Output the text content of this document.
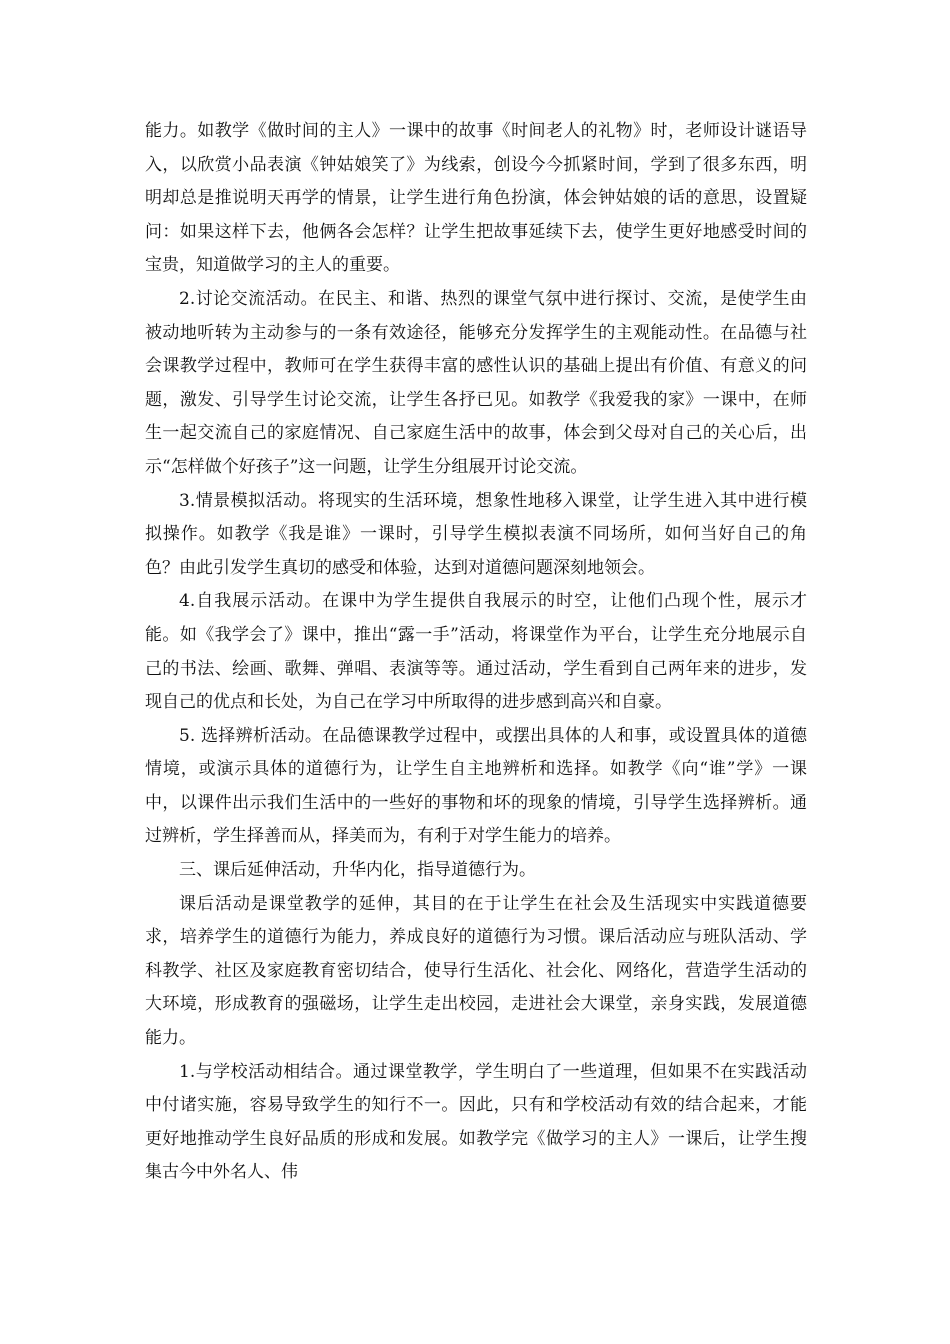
能力。如教学《做时间的主人》一课中的故事《时间老人的礼物》时，老师设计谜语导入，以欣赏小品表演《钟姑娘笑了》为线索，创设今今抓紧时间，学到了很多东西，明明却总是推说明天再学的情景，让学生进行角色扮演，体会钟姑娘的话的意思，设置疑问：如果这样下去，他俩各会怎样？让学生把故事延续下去，使学生更好地感受时间的宝贵，知道做学习的主人的重要。

2.讨论交流活动。在民主、和谐、热烈的课堂气氛中进行探讨、交流，是使学生由被动地听转为主动参与的一条有效途径，能够充分发挥学生的主观能动性。在品德与社会课教学过程中，教师可在学生获得丰富的感性认识的基础上提出有价值、有意义的问题，激发、引导学生讨论交流，让学生各抒已见。如教学《我爱我的家》一课中，在师生一起交流自己的家庭情况、自己家庭生活中的故事，体会到父母对自己的关心后，出示“怎样做个好孩子”这一问题，让学生分组展开讨论交流。

3.情景模拟活动。将现实的生活环境，想象性地移入课堂，让学生进入其中进行模拟操作。如教学《我是谁》一课时，引导学生模拟表演不同场所，如何当好自己的角色？由此引发学生真切的感受和体验，达到对道德问题深刻地领会。

4.自我展示活动。在课中为学生提供自我展示的时空，让他们凸现个性，展示才能。如《我学会了》课中，推出“露一手”活动，将课堂作为平台，让学生充分地展示自己的书法、绘画、歌舞、弹唱、表演等等。通过活动，学生看到自己两年来的进步，发现自己的优点和长处，为自己在学习中所取得的进步感到高兴和自豪。

5. 选择辨析活动。在品德课教学过程中，或摆出具体的人和事，或设置具体的道德情境，或演示具体的道德行为，让学生自主地辨析和选择。如教学《向“谁”学》一课中，以课件出示我们生活中的一些好的事物和坏的现象的情境，引导学生选择辨析。通过辨析，学生择善而从，择美而为，有利于对学生能力的培养。

三、课后延伸活动，升华内化，指导道德行为。

课后活动是课堂教学的延伸，其目的在于让学生在社会及生活现实中实践道德要求，培养学生的道德行为能力，养成良好的道德行为习惯。课后活动应与班队活动、学科教学、社区及家庭教育密切结合，使导行生活化、社会化、网络化，营造学生活动的大环境，形成教育的强磁场，让学生走出校园，走进社会大课堂，亲身实践，发展道德能力。

1.与学校活动相结合。通过课堂教学，学生明白了一些道理，但如果不在实践活动中付诸实施，容易导致学生的知行不一。因此，只有和学校活动有效的结合起来，才能更好地推动学生良好品质的形成和发展。如教学完《做学习的主人》一课后，让学生搜集古今中外名人、伟
